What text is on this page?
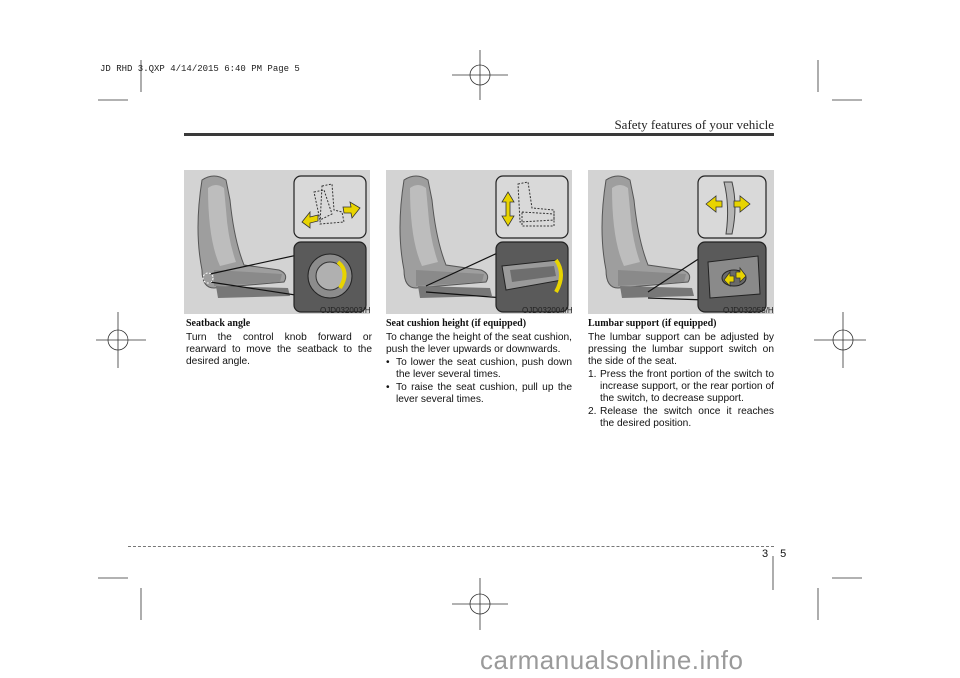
JD RHD 3.QXP 4/14/2015 6:40 PM Page 5
Safety features of your vehicle
OJD032003/H	OJD032004/H	OJD032055/H
Seatback angle

Turn the control knob forward or rearward to move the seatback to the desired angle.

Seat cushion height (if equipped)

To change the height of the seat cushion, push the lever upwards or downwards.

• To lower the seat cushion, push down the lever several times.
• To raise the seat cushion, pull up the lever several times.
Lumbar support (if equipped)

The lumbar support can be adjusted by pressing the lumbar support switch on the side of the seat.

1. Press the front portion of the switch to increase support, or the rear portion of the switch, to decrease support.
2. Release the switch once it reaches the desired position.
3 5
carmanualsonline.info
